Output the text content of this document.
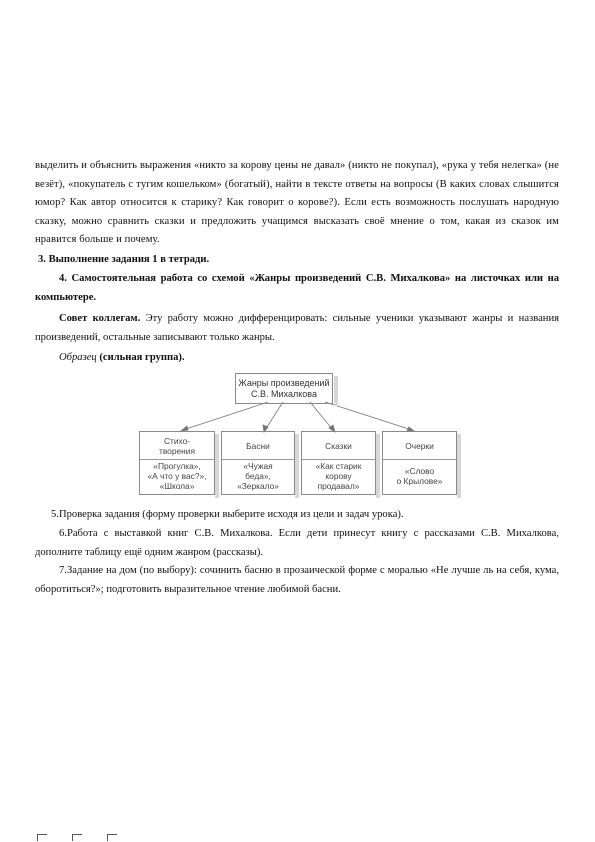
выделить и объяснить выражения «никто за корову цены не давал» (никто не покупал), «рука у тебя нелегка» (не везёт), «покупатель с тугим кошельком» (богатый), найти в тексте ответы на вопросы (В каких словах слышится юмор? Как автор относится к старику? Как говорит о корове?). Если есть возможность послушать народную сказку, можно сравнить сказки и предложить учащимся высказать своё мнение о том, какая из сказок им нравится больше и почему.

3. Выполнение задания 1 в тетради.

4. Самостоятельная работа со схемой «Жанры произведений С.В. Михалкова» на листочках или на компьютере.

Совет коллегам. Эту работу можно дифференцировать: сильные ученики указывают жанры и названия произведений, остальные записывают только жанры.

Образец (сильная группа).

Жанры произведений
С.В. Михалкова
Стихо-
творения
«Прогулка»,
«А что у вас?»,
«Школа»
Басни
«Чужая
беда»,
«Зеркало»
Сказки
«Как старик
корову
продавал»
Очерки
«Слово
о Крылове»

5.Проверка задания (форму проверки выберите исходя из цели и задач урока).

6.Работа с выставкой книг С.В. Михалкова. Если дети принесут книгу с рассказами С.В. Михалкова, дополните таблицу ещё одним жанром (рассказы).

7.Задание на дом (по выбору): сочинить басню в прозаической форме с моралью «Не лучше ль на себя, кума, оборотиться?»; подготовить выразительное чтение любимой басни.
